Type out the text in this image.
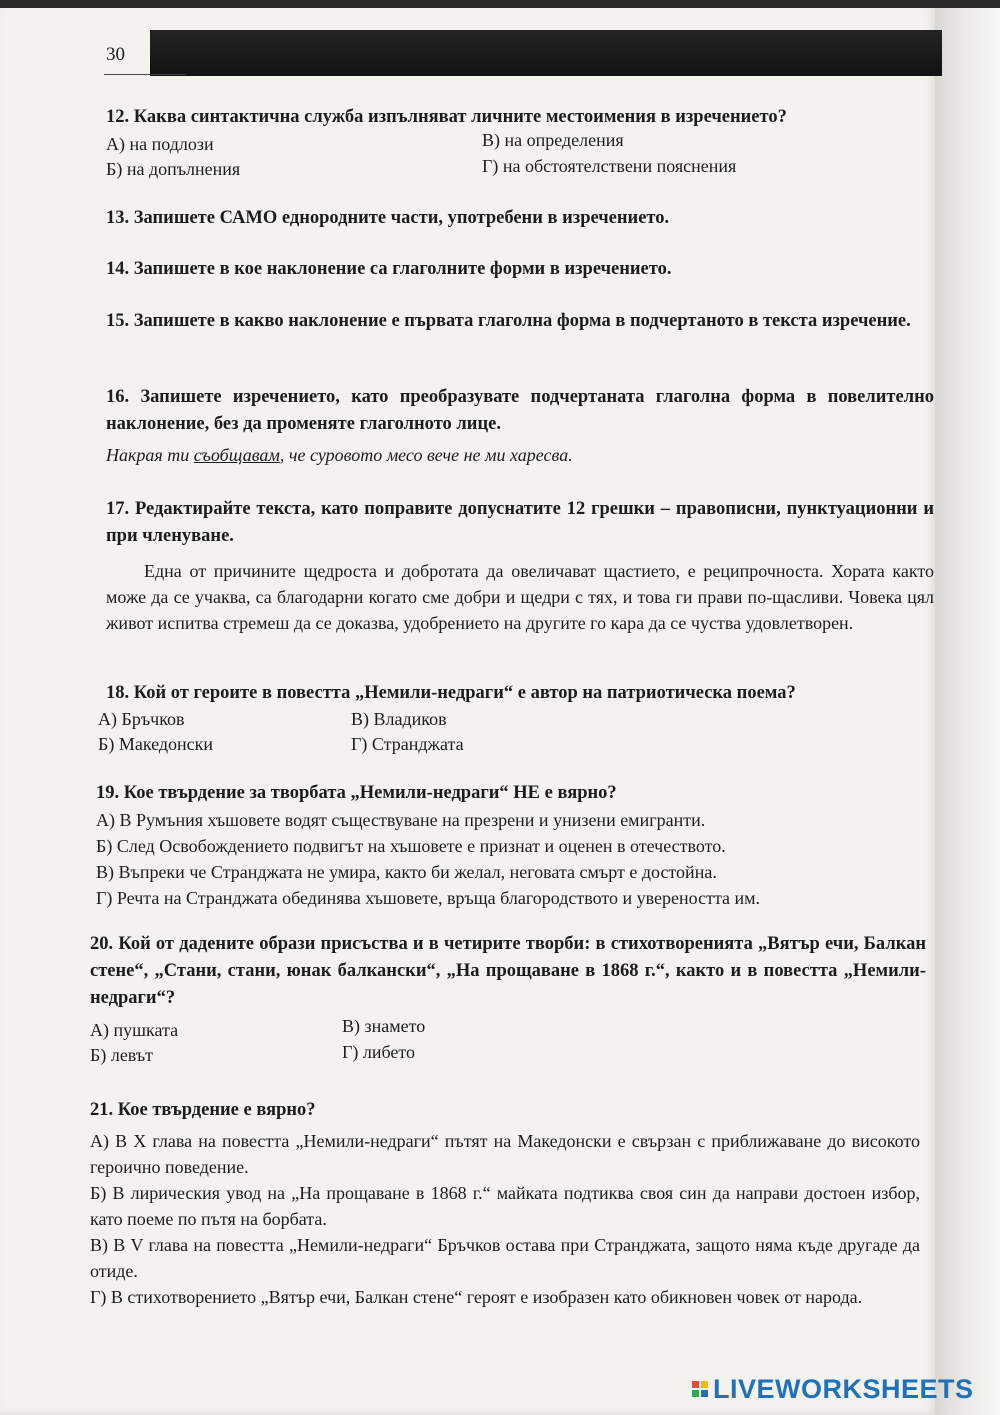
30

12. Каква синтактична служба изпълняват личните местоимения в изречението?

А) на подлози
Б) на допълнения
В) на определения
Г) на обстоятелствени пояснения

13. Запишете САМО еднородните части, употребени в изречението.

14. Запишете в кое наклонение са глаголните форми в изречението.

15. Запишете в какво наклонение е първата глаголна форма в подчертаното в текста изречение.

16. Запишете изречението, като преобразувате подчертаната глаголна форма в повелително наклонение, без да променяте глаголното лице.

Накрая ти съобщавам, че суровото месо вече не ми харесва.

17. Редактирайте текста, като поправите допуснатите 12 грешки – правописни, пунктуационни и при членуване.

Една от причините щедроста и добротата да овеличават щастието, е реципрочноста. Хората както може да се учаква, са благодарни когато сме добри и щедри с тях, и това ги прави по-щасливи. Човека цял живот испитва стремеш да се доказва, удобрението на другите го кара да се чуства удовлетворен.

18. Кой от героите в повестта „Немили-недраги“ е автор на патриотическа поема?

А) Бръчков
Б) Македонски
В) Владиков
Г) Странджата

19. Кое твърдение за творбата „Немили-недраги“ НЕ е вярно?

А) В Румъния хъшовете водят съществуване на презрени и унизени емигранти.

Б) След Освобождението подвигът на хъшовете е признат и оценен в отечеството.

В) Въпреки че Странджата не умира, както би желал, неговата смърт е достойна.

Г) Речта на Странджата обединява хъшовете, връща благородството и увереността им.

20. Кой от дадените образи присъства и в четирите творби: в стихотворенията „Вятър ечи, Балкан стене“, „Стани, стани, юнак балкански“, „На прощаване в 1868 г.“, както и в повестта „Немили-недраги“?

А) пушката
Б) левът
В) знамето
Г) либето

21. Кое твърдение е вярно?

А) В Х глава на повестта „Немили-недраги“ пътят на Македонски е свързан с приближаване до високото героично поведение.

Б) В лирическия увод на „На прощаване в 1868 г.“ майката подтиква своя син да направи достоен избор, като поеме по пътя на борбата.

В) В V глава на повестта „Немили-недраги“ Бръчков остава при Странджата, защото няма къде другаде да отиде.

Г) В стихотворението „Вятър ечи, Балкан стене“ героят е изобразен като обикновен човек от народа.

LIVEWORKSHEETS
